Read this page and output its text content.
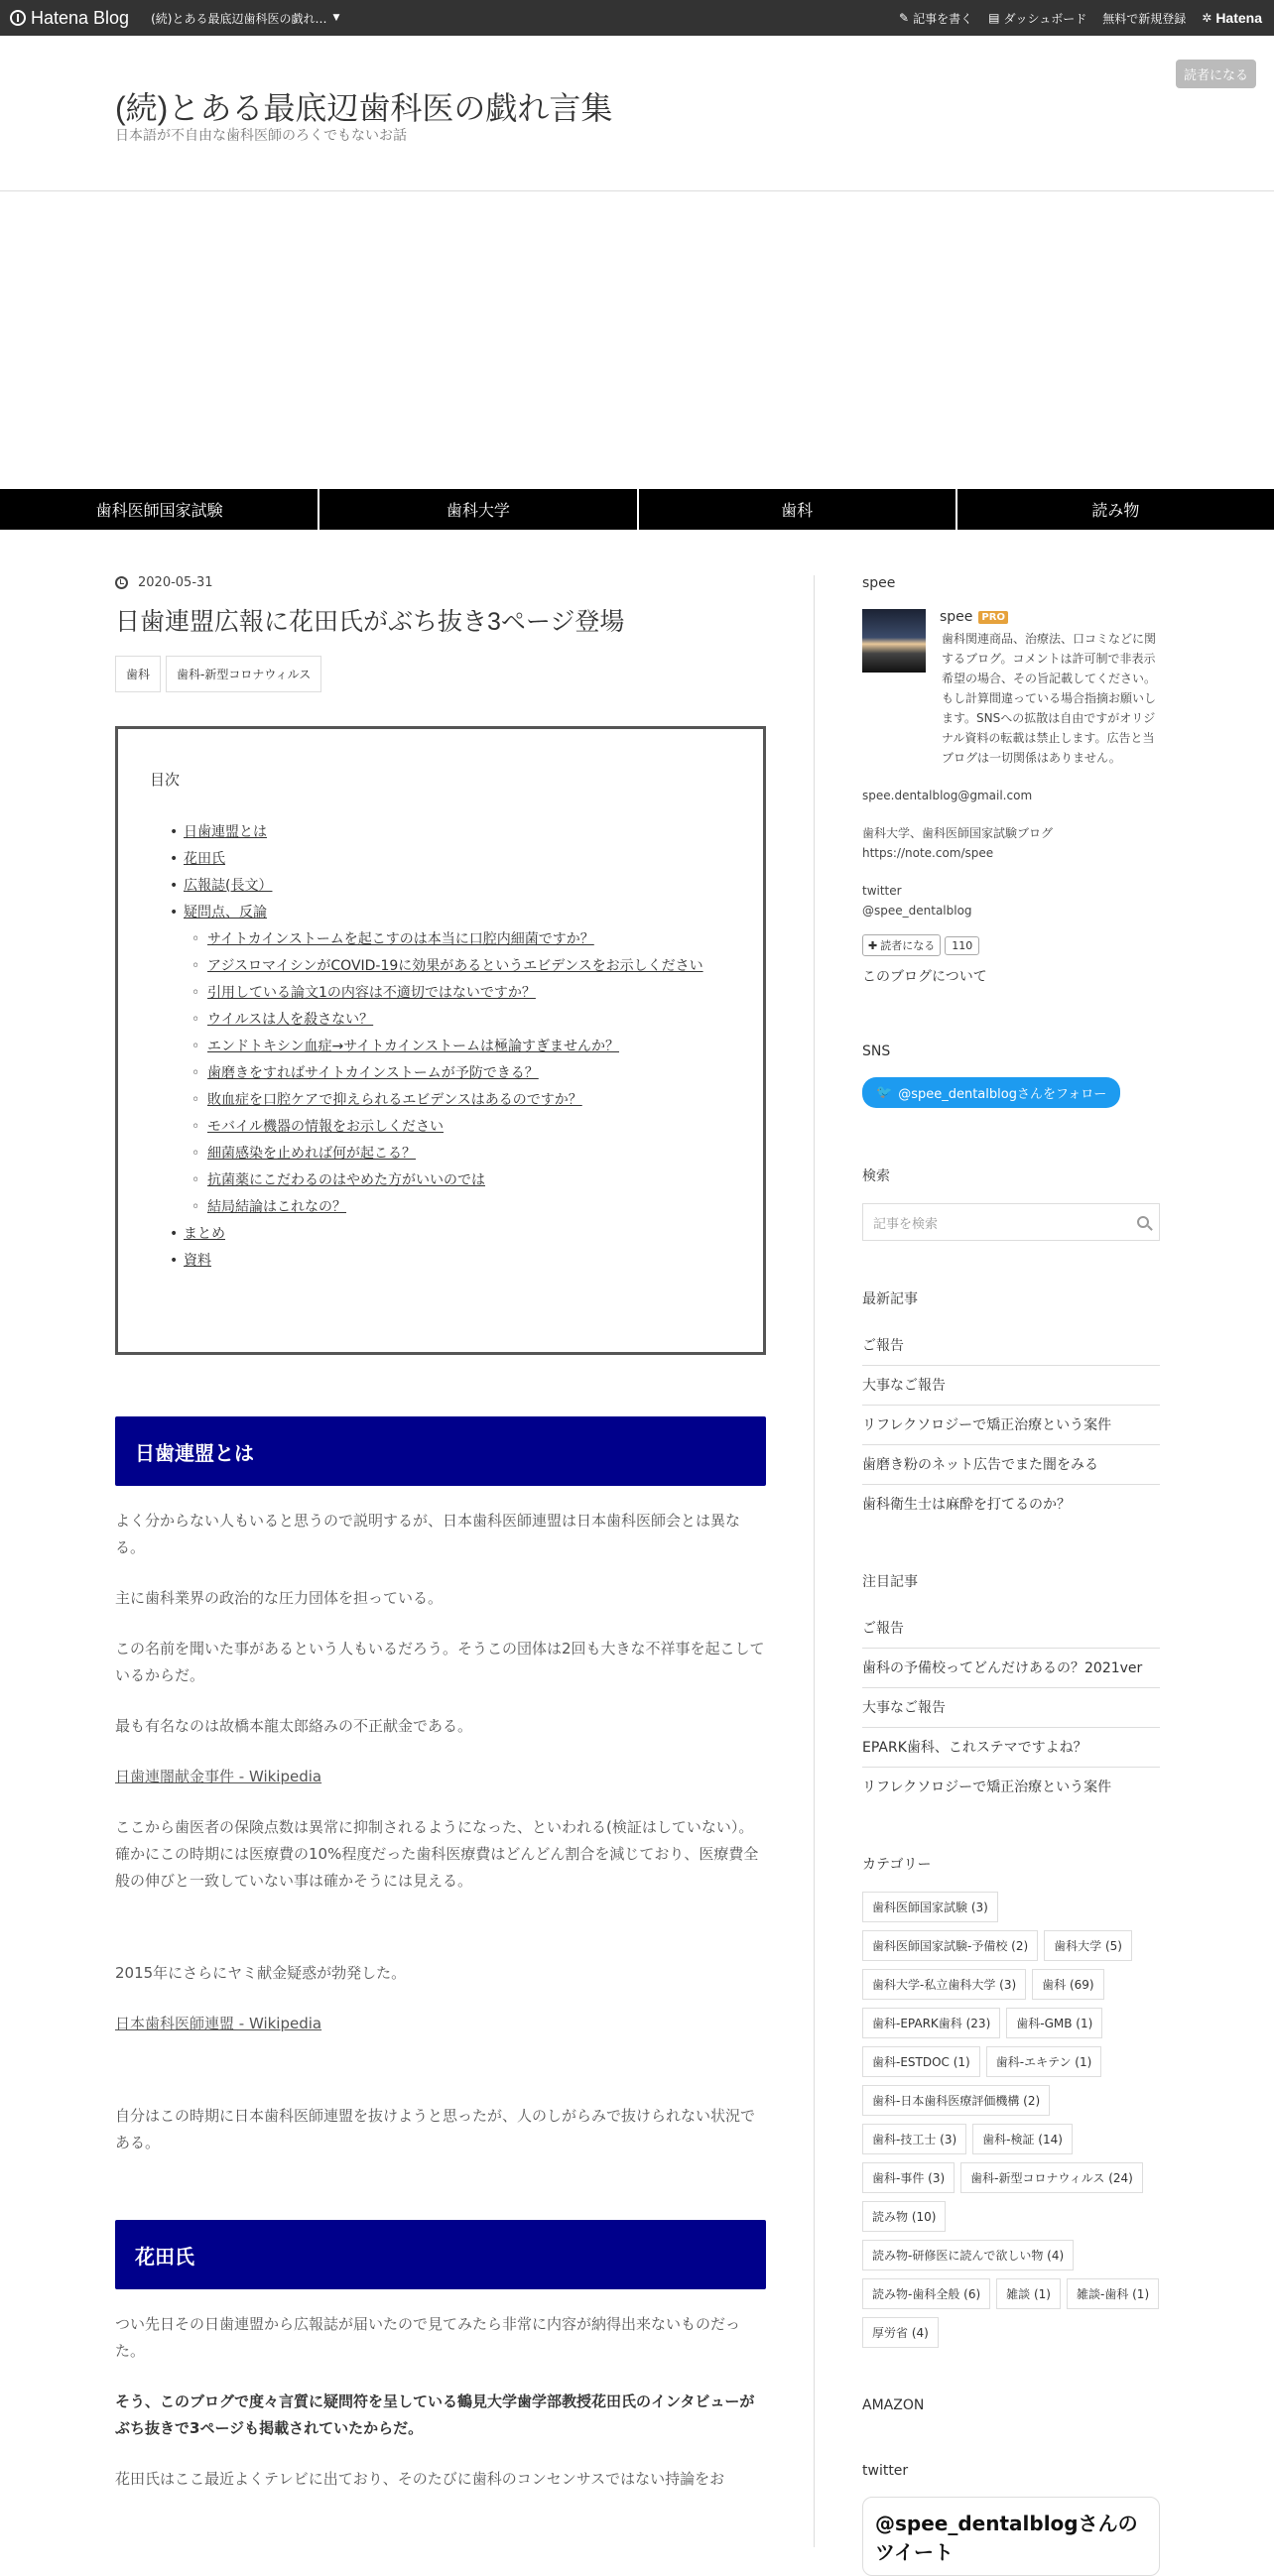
Hatena Blog (続)とある最底辺歯科医の戯れ… ▼	✎ 記事を書く ▤ ダッシュボード 無料で新規登録 ✲ Hatena
(続)とある最底辺歯科医の戯れ言集
日本語が不自由な歯科医師のろくでもないお話
読者になる
歯科医師国家試験	歯科大学	歯科	読み物
2020-05-31
日歯連盟広報に花田氏がぶち抜き3ページ登場
歯科	歯科-新型コロナウィルス
目次
• 日歯連盟とは
• 花田氏
• 広報誌(長文）
• 疑問点、反論
◦ サイトカインストームを起こすのは本当に口腔内細菌ですか？
◦ アジスロマイシンがCOVID-19に効果があるというエビデンスをお示しください
◦ 引用している論文1の内容は不適切ではないですか？
◦ ウイルスは人を殺さない？
◦ エンドトキシン血症→サイトカインストームは極論すぎませんか？
◦ 歯磨きをすればサイトカインストームが予防できる？
◦ 敗血症を口腔ケアで抑えられるエビデンスはあるのですか？
◦ モバイル機器の情報をお示しください
◦ 細菌感染を止めれば何が起こる？
◦ 抗菌薬にこだわるのはやめた方がいいのでは
◦ 結局結論はこれなの？
• まとめ
• 資料
日歯連盟とは

よく分からない人もいると思うので説明するが、日本歯科医師連盟は日本歯科医師会とは異なる。

主に歯科業界の政治的な圧力団体を担っている。

この名前を聞いた事があるという人もいるだろう。そうこの団体は2回も大きな不祥事を起こしているからだ。

最も有名なのは故橋本龍太郎絡みの不正献金である。

日歯連闇献金事件 - Wikipedia

ここから歯医者の保険点数は異常に抑制されるようになった、といわれる(検証はしていない）。確かにこの時期には医療費の10%程度だった歯科医療費はどんどん割合を減じており、医療費全般の伸びと一致していない事は確かそうには見える。

2015年にさらにヤミ献金疑惑が勃発した。

日本歯科医師連盟 - Wikipedia

自分はこの時期に日本歯科医師連盟を抜けようと思ったが、人のしがらみで抜けられない状況である。

花田氏

つい先日その日歯連盟から広報誌が届いたので見てみたら非常に内容が納得出来ないものだった。

そう、このブログで度々言質に疑問符を呈している鶴見大学歯学部教授花田氏のインタビューがぶち抜きで3ページも掲載されていたからだ。

花田氏はここ最近よくテレビに出ており、そのたびに歯科のコンセンサスではない持論をお

spee
spee PRO
歯科関連商品、治療法、口コミなどに関するブログ。コメントは許可制で非表示希望の場合、その旨記載してください。もし計算間違っている場合指摘お願いします。SNSへの拡散は自由ですがオリジナル資料の転載は禁止します。広告と当ブログは一切関係はありません。
spee.dentalblog@gmail.com
歯科大学、歯科医師国家試験ブログ
https://note.com/spee
twitter
@spee_dentalblog
✚ 読者になる	110
このブログについて
SNS
🐦 @spee_dentalblogさんをフォロー
検索
記事を検索
最新記事
ご報告
大事なご報告
リフレクソロジーで矯正治療という案件
歯磨き粉のネット広告でまた闇をみる
歯科衛生士は麻酔を打てるのか？
注目記事
ご報告
歯科の予備校ってどんだけあるの？2021ver
大事なご報告
EPARK歯科、これステマですよね？
リフレクソロジーで矯正治療という案件
カテゴリー
歯科医師国家試験 (3)
歯科医師国家試験-予備校 (2)	歯科大学 (5)
歯科大学-私立歯科大学 (3)	歯科 (69)
歯科-EPARK歯科 (23)	歯科-GMB (1)
歯科-ESTDOC (1)	歯科-エキテン (1)
歯科-日本歯科医療評価機構 (2)
歯科-技工士 (3)	歯科-検証 (14)
歯科-事件 (3)	歯科-新型コロナウィルス (24)
読み物 (10)
読み物-研修医に読んで欲しい物 (4)
読み物-歯科全般 (6)	雑談 (1)	雑談-歯科 (1)
厚労省 (4)
AMAZON
twitter
@spee_dentalblogさんのツイート
